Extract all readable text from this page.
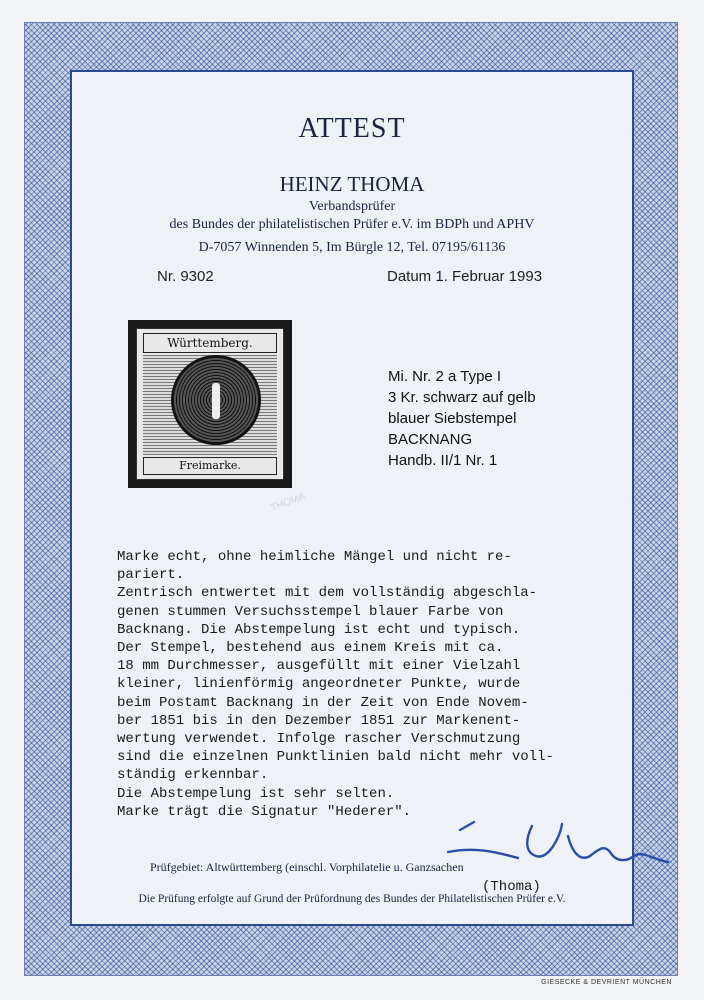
ATTEST
HEINZ THOMA
Verbandsprüfer
des Bundes der philatelistischen Prüfer e.V. im BDPh und APHV
D-7057 Winnenden 5, Im Bürgle 12, Tel. 07195/61136
Nr. 9302	Datum 1. Februar 1993
Württemberg.
Freimarke.
THOMA
Mi. Nr. 2 a Type I
3 Kr. schwarz auf gelb
blauer Siebstempel
BACKNANG
Handb. II/1 Nr. 1
Marke echt, ohne heimliche Mängel und nicht re-
pariert.
Zentrisch entwertet mit dem vollständig abgeschla-
genen stummen Versuchsstempel blauer Farbe von
Backnang. Die Abstempelung ist echt und typisch.
Der Stempel, bestehend aus einem Kreis mit ca.
18 mm Durchmesser, ausgefüllt mit einer Vielzahl
kleiner, linienförmig angeordneter Punkte, wurde
beim Postamt Backnang in der Zeit von Ende Novem-
ber 1851 bis in den Dezember 1851 zur Markenent-
wertung verwendet. Infolge rascher Verschmutzung
sind die einzelnen Punktlinien bald nicht mehr voll-
ständig erkennbar.
Die Abstempelung ist sehr selten.
Marke trägt die Signatur "Hederer".
Prüfgebiet: Altwürttemberg (einschl. Vorphilatelie u. Ganzsachen
(Thoma)
Die Prüfung erfolgte auf Grund der Prüfordnung des Bundes der Philatelistischen Prüfer e.V.
GIESECKE & DEVRIENT MÜNCHEN
